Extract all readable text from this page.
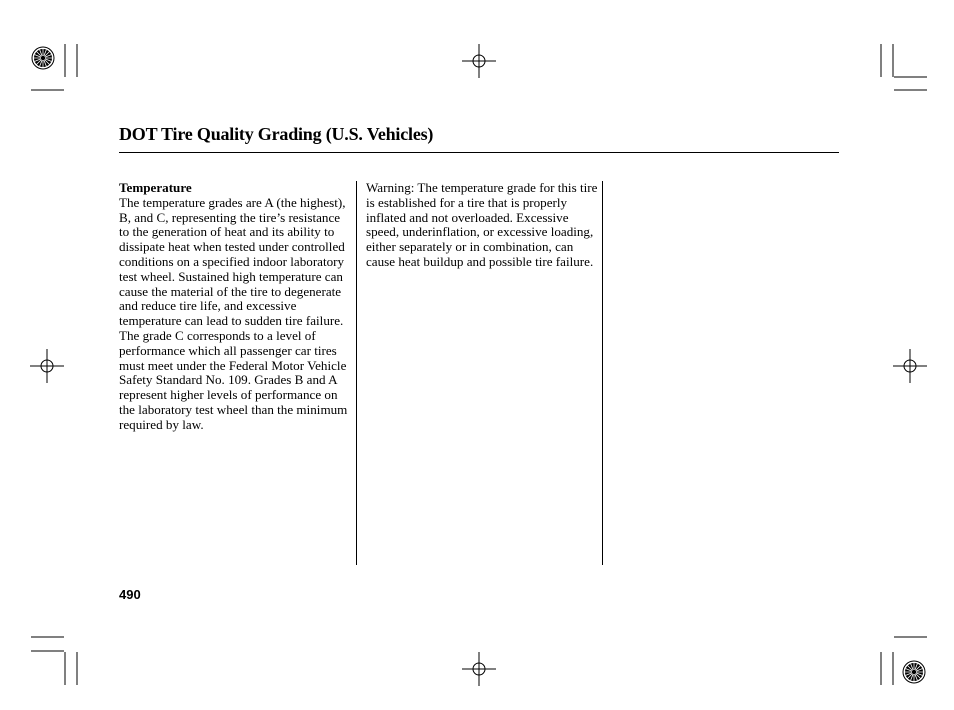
DOT Tire Quality Grading (U.S. Vehicles)

Temperature

The temperature grades are A (the highest), B, and C, representing the tire’s resistance to the generation of heat and its ability to dissipate heat when tested under controlled conditions on a specified indoor laboratory test wheel. Sustained high temperature can cause the material of the tire to degenerate and reduce tire life, and excessive temperature can lead to sudden tire failure. The grade C corresponds to a level of performance which all passenger car tires must meet under the Federal Motor Vehicle Safety Standard No. 109. Grades B and A represent higher levels of performance on the laboratory test wheel than the minimum required by law.

Warning: The temperature grade for this tire is established for a tire that is properly inflated and not overloaded. Excessive speed, underinflation, or excessive loading, either separately or in combination, can cause heat buildup and possible tire failure.

490
